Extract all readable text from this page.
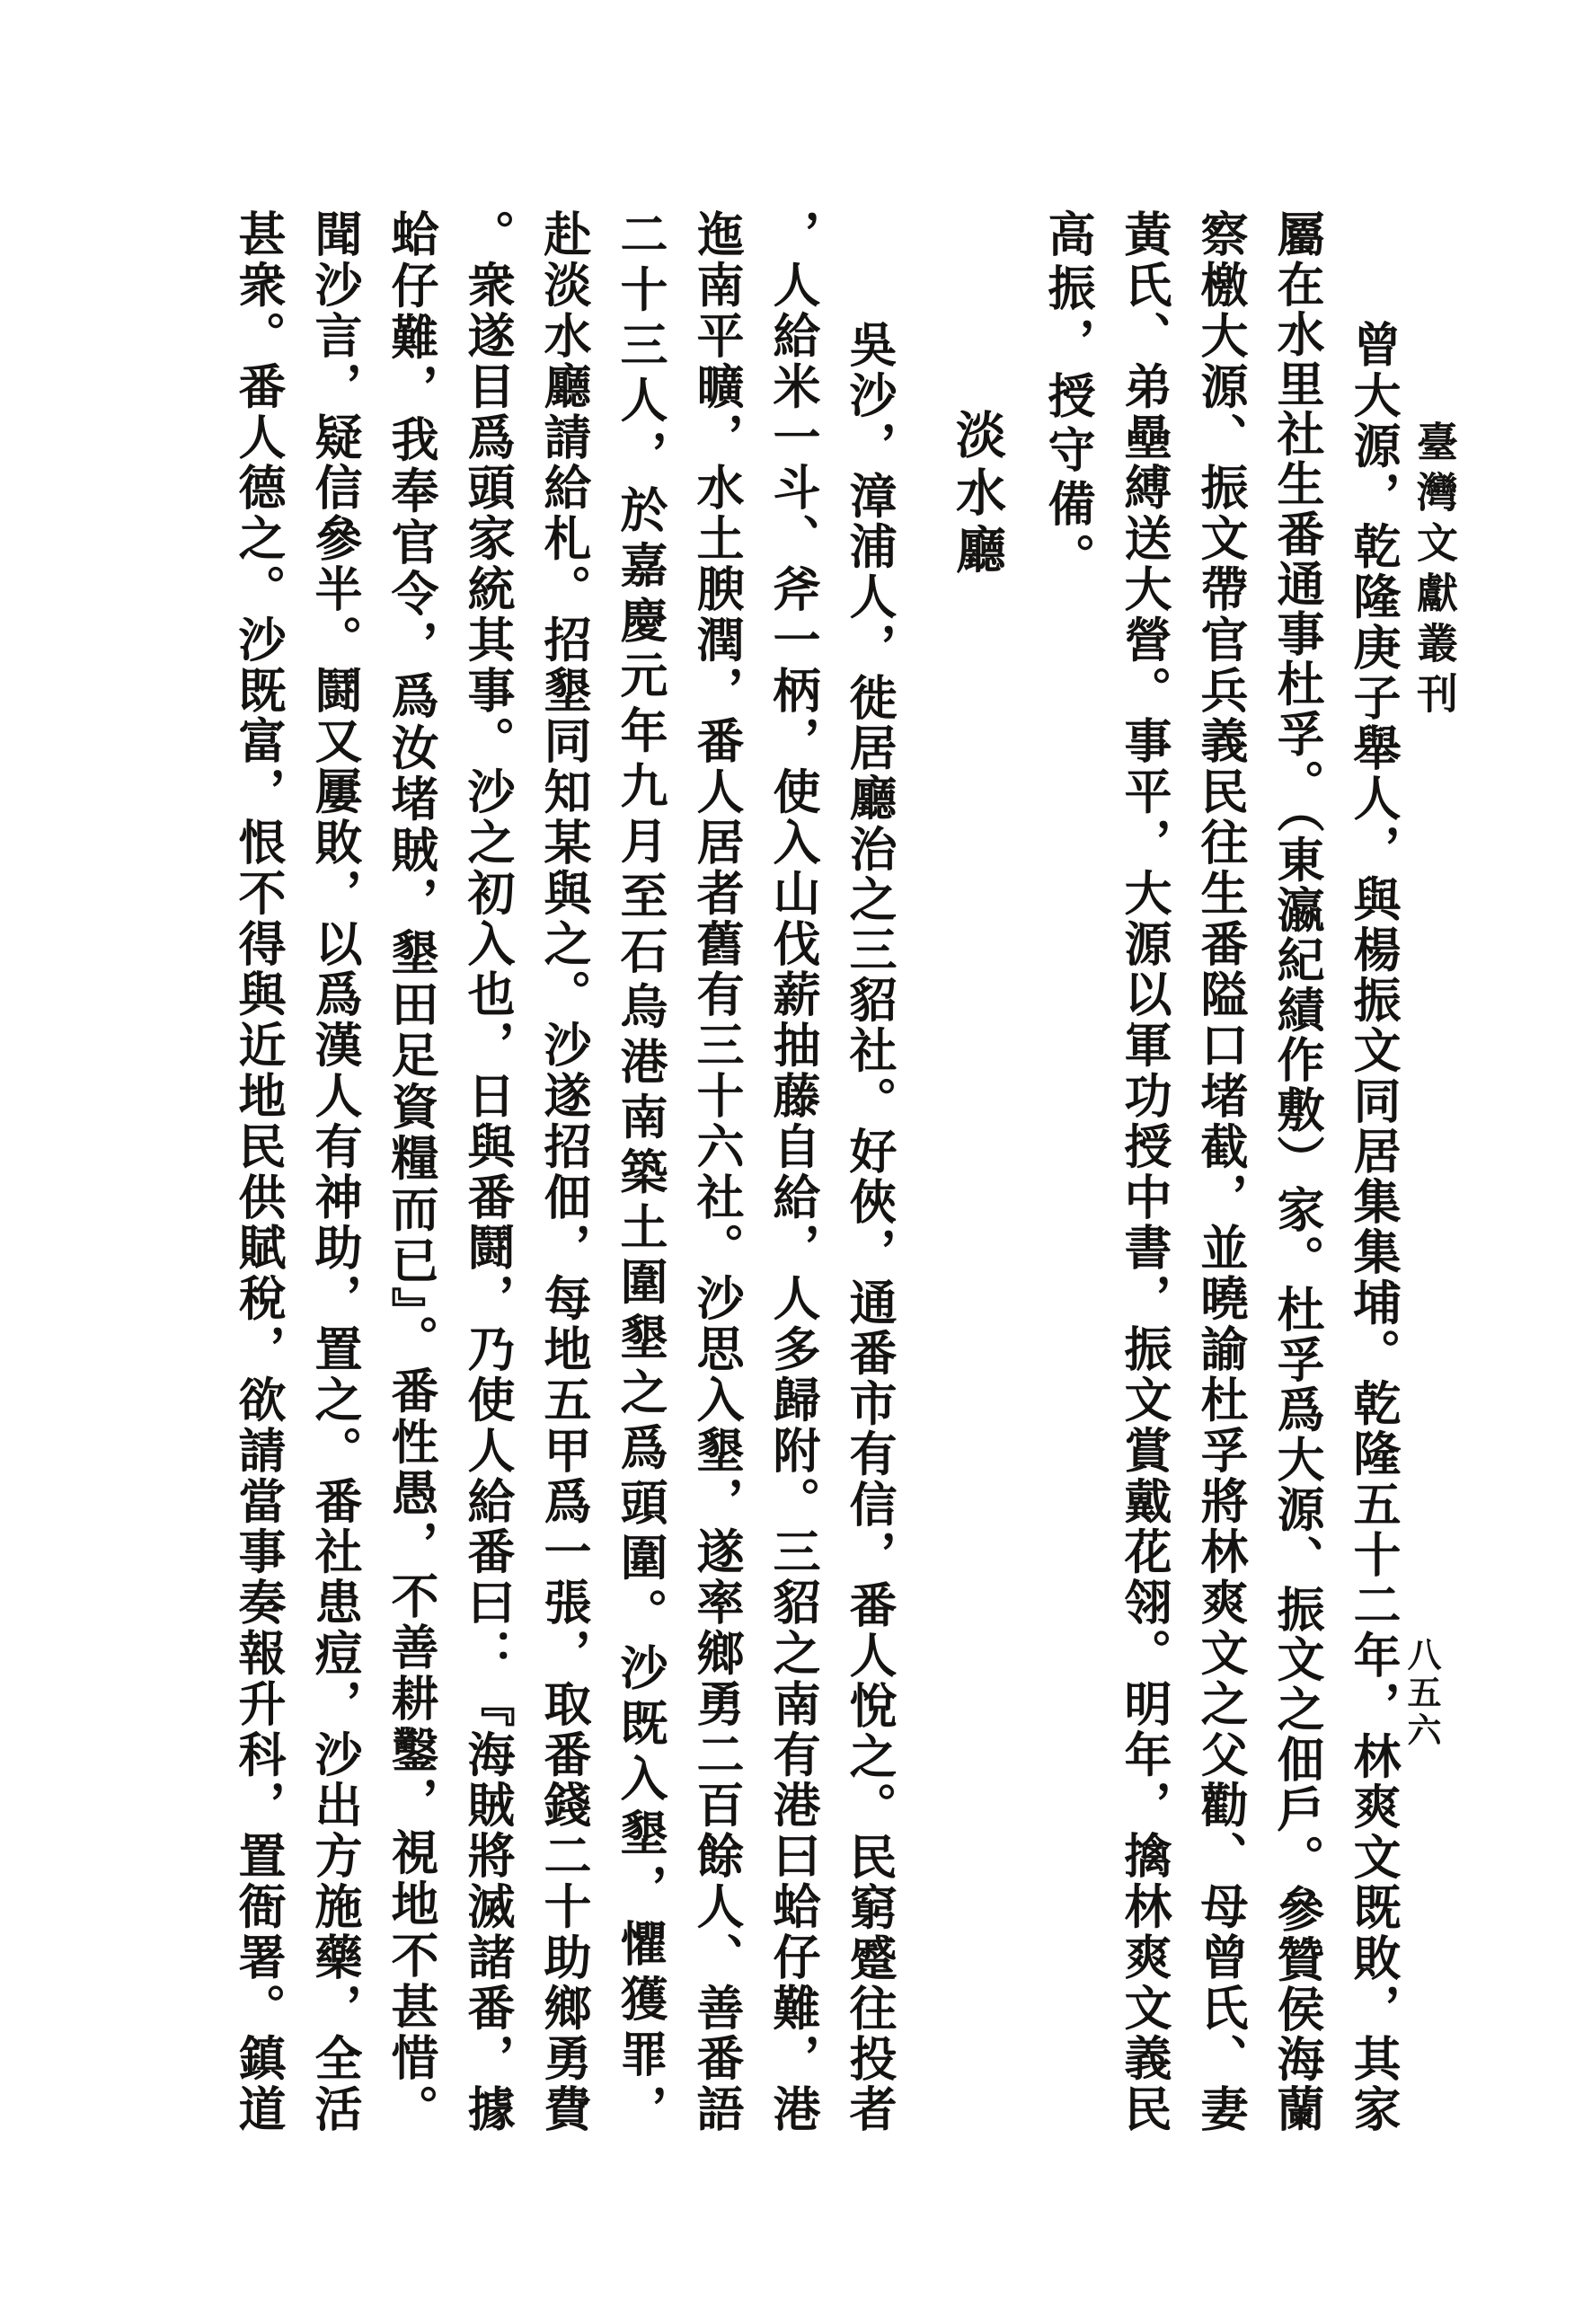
臺灣文獻叢刊
八五六
曾大源，乾隆庚子舉人，與楊振文同居集集埔。乾隆五十二年，林爽文既敗，其家
屬在水里社生番通事杜孚。（東瀛紀績作敷）家。杜孚爲大源、振文之佃戶。參贊侯海蘭
察檄大源、振文帶官兵義民往生番隘口堵截，並曉諭杜孚將林爽文之父勸、母曾氏、妻
黃氏、弟壘縛送大營。事平，大源以軍功授中書，振文賞戴花翎。明年，擒林爽文義民
高振，授守備。
淡水廳
吳沙，漳浦人，徙居廳治之三貂社。好俠，通番市有信，番人悅之。民窮蹙往投者
，人給米一斗、斧一柄，使入山伐薪抽藤自給，人多歸附。三貂之南有港曰蛤仔難，港
迤南平曠，水土腴潤，番人居者舊有三十六社。沙思入墾，遂率鄉勇二百餘人、善番語
二十三人，於嘉慶元年九月至石烏港南築土圍墾之爲頭圍。沙既入墾，懼獲罪，
赴淡水廳請給札。招墾同知某與之。沙遂招佃，每地五甲爲一張，取番錢二十助鄉勇費
。衆遂目爲頭家統其事。沙之初入也，日與番鬪，乃使人給番曰：『海賊將滅諸番，據
蛤仔難，我奉官令，爲汝堵賊，墾田足資糧而已』。番性愚，不善耕鑿，視地不甚惜。
聞沙言，疑信參半。鬪又屢敗，以爲漢人有神助，置之。番社患痘，沙出方施藥，全活
甚衆。番人德之。沙既富，恨不得與近地民供賦稅，欲請當事奏報升科，置衙署。鎮道
